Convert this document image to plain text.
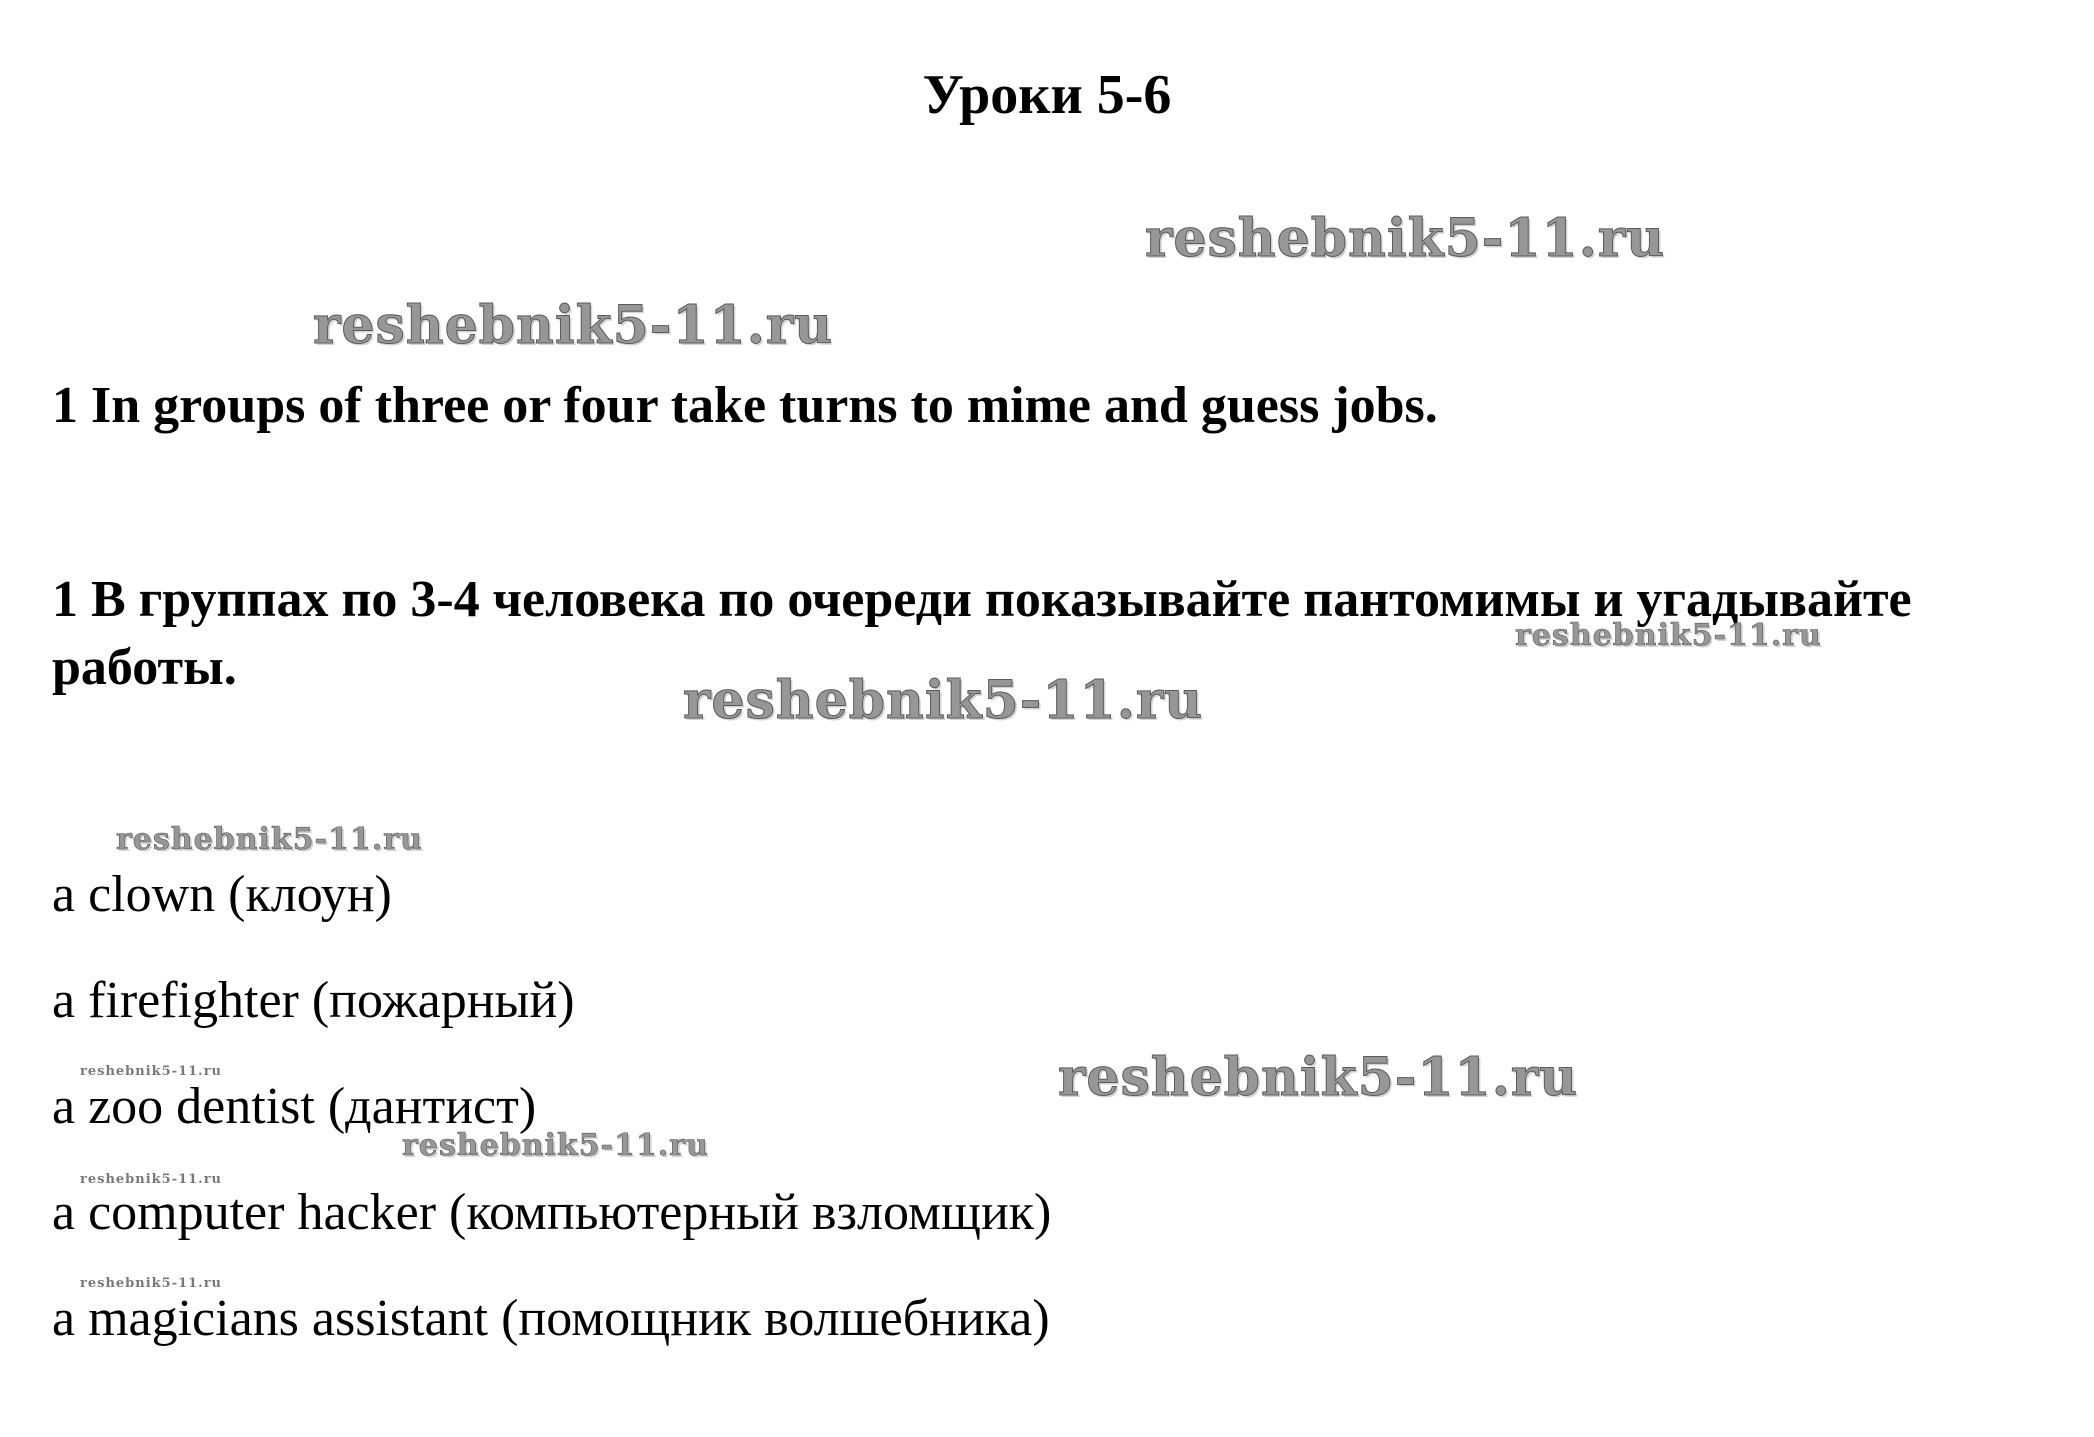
Уроки 5-6

1 In groups of three or four take turns to mime and guess jobs.

1 В группах по 3-4 человека по очереди показывайте пантомимы и угадывайте работы.

a clown (клоун)
a firefighter (пожарный)
a zoo dentist (дантист)
a computer hacker (компьютерный взломщик)
a magicians assistant (помощник волшебника)
reshebnik5-11.ru
reshebnik5-11.ru
reshebnik5-11.ru
reshebnik5-11.ru
reshebnik5-11.ru
reshebnik5-11.ru
reshebnik5-11.ru
reshebnik5-11.ru
reshebnik5-11.ru
reshebnik5-11.ru
